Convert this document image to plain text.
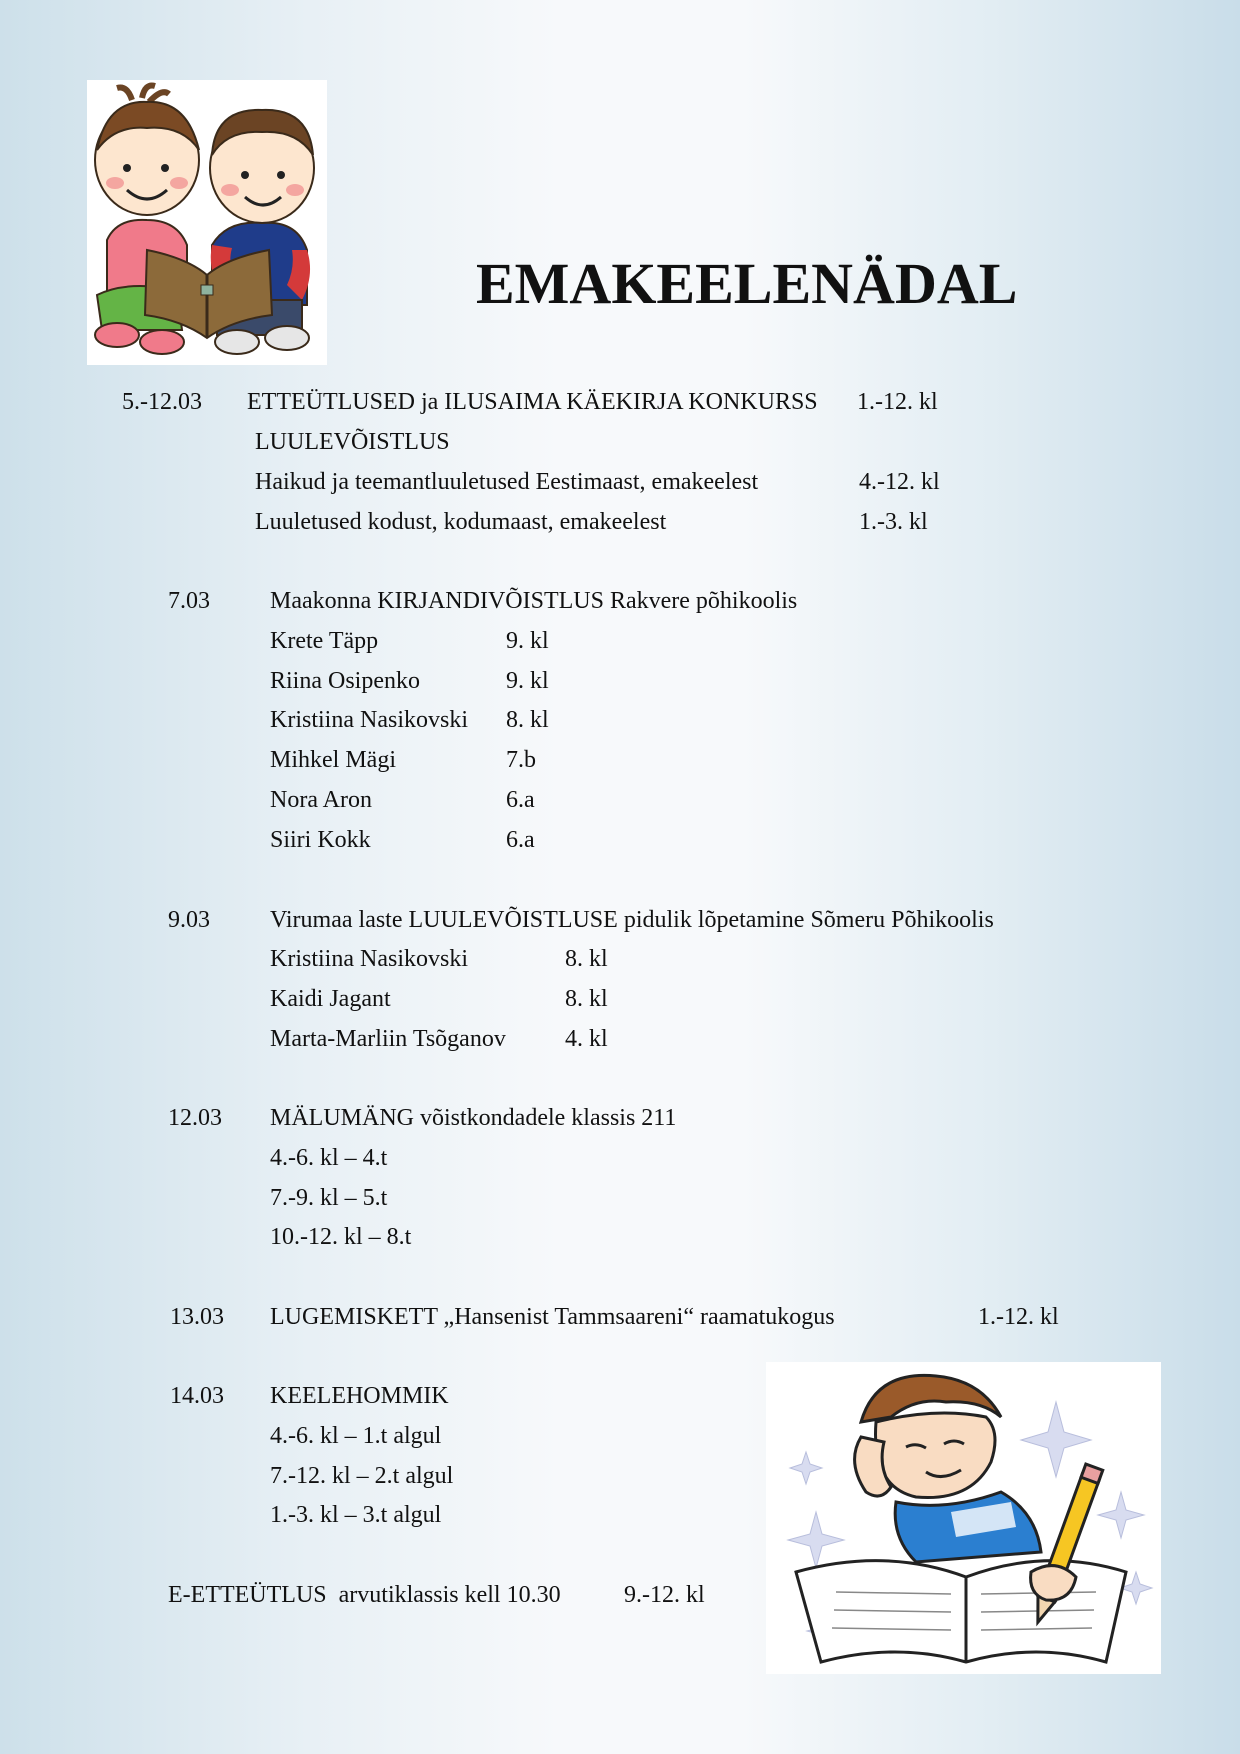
EMAKEELENÄDAL
5.-12.03 ETTEÜTLUSED ja ILUSAIMA KÄEKIRJA KONKURSS 1.-12. kl
LUULEVÕISTLUS
Haikud ja teemantluuletused Eestimaast, emakeelest	4.-12. kl
Luuletused kodust, kodumaast, emakeelest	1.-3. kl
7.03	Maakonna KIRJANDIVÕISTLUS Rakvere põhikoolis
Krete Täpp	9. kl
Riina Osipenko	9. kl
Kristiina Nasikovski 8. kl
Mihkel Mägi	7.b
Nora Aron	6.a
Siiri Kokk	6.a
9.03	Virumaa laste LUULEVÕISTLUSE pidulik lõpetamine Sõmeru Põhikoolis
Kristiina Nasikovski	8. kl
Kaidi Jagant	8. kl
Marta-Marliin Tsõganov 4. kl
12.03 MÄLUMÄNG võistkondadele klassis 211
4.-6. kl – 4.t
7.-9. kl – 5.t
10.-12. kl – 8.t
13.03 LUGEMISKETT „Hansenist Tammsaareni“ raamatukogus	1.-12. kl
14.03 KEELEHOMMIK
4.-6. kl – 1.t algul
7.-12. kl – 2.t algul
1.-3. kl – 3.t algul
E-ETTEÜTLUS  arvutiklassis kell 10.30	9.-12. kl
